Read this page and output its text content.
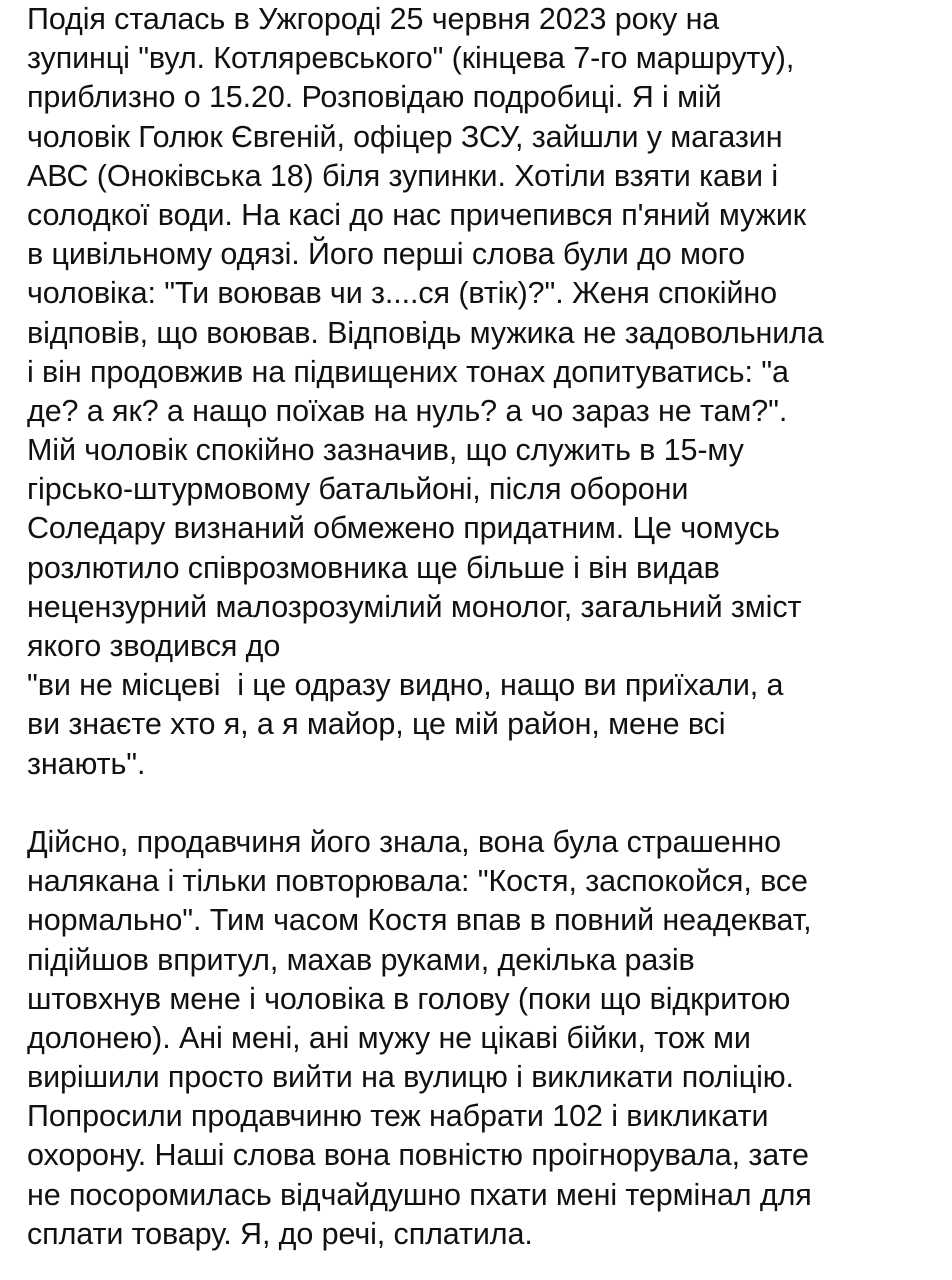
Подія сталась в Ужгороді 25 червня 2023 року на
зупинці "вул. Котляревського" (кінцева 7-го маршруту),
приблизно о 15.20. Розповідаю подробиці. Я і мій
чоловік Голюк Євгеній, офіцер ЗСУ, зайшли у магазин
АВС (Оноківська 18) біля зупинки. Хотіли взяти кави і
солодкої води. На касі до нас причепився п'яний мужик
в цивільному одязі. Його перші слова були до мого
чоловіка: "Ти воював чи з....ся (втік)?". Женя спокійно
відповів, що воював. Відповідь мужика не задовольнила
і він продовжив на підвищених тонах допитуватись: "а
де? а як? а нащо поїхав на нуль? а чо зараз не там?".
Мій чоловік спокійно зазначив, що служить в 15-му
гірсько-штурмовому батальйоні, після оборони
Соледару визнаний обмежено придатним. Це чомусь
розлютило співрозмовника ще більше і він видав
нецензурний малозрозумілий монолог, загальний зміст
якого зводився до
"ви не місцеві  і це одразу видно, нащо ви приїхали, а
ви знаєте хто я, а я майор, це мій район, мене всі
знають".
Дійсно, продавчиня його знала, вона була страшенно
налякана і тільки повторювала: "Костя, заспокойся, все
нормально". Тим часом Костя впав в повний неадекват,
підійшов впритул, махав руками, декілька разів
штовхнув мене і чоловіка в голову (поки що відкритою
долонею). Ані мені, ані мужу не цікаві бійки, тож ми
вирішили просто вийти на вулицю і викликати поліцію.
Попросили продавчиню теж набрати 102 і викликати
охорону. Наші слова вона повністю проігнорувала, зате
не посоромилась відчайдушно пхати мені термінал для
сплати товару. Я, до речі, сплатила.
